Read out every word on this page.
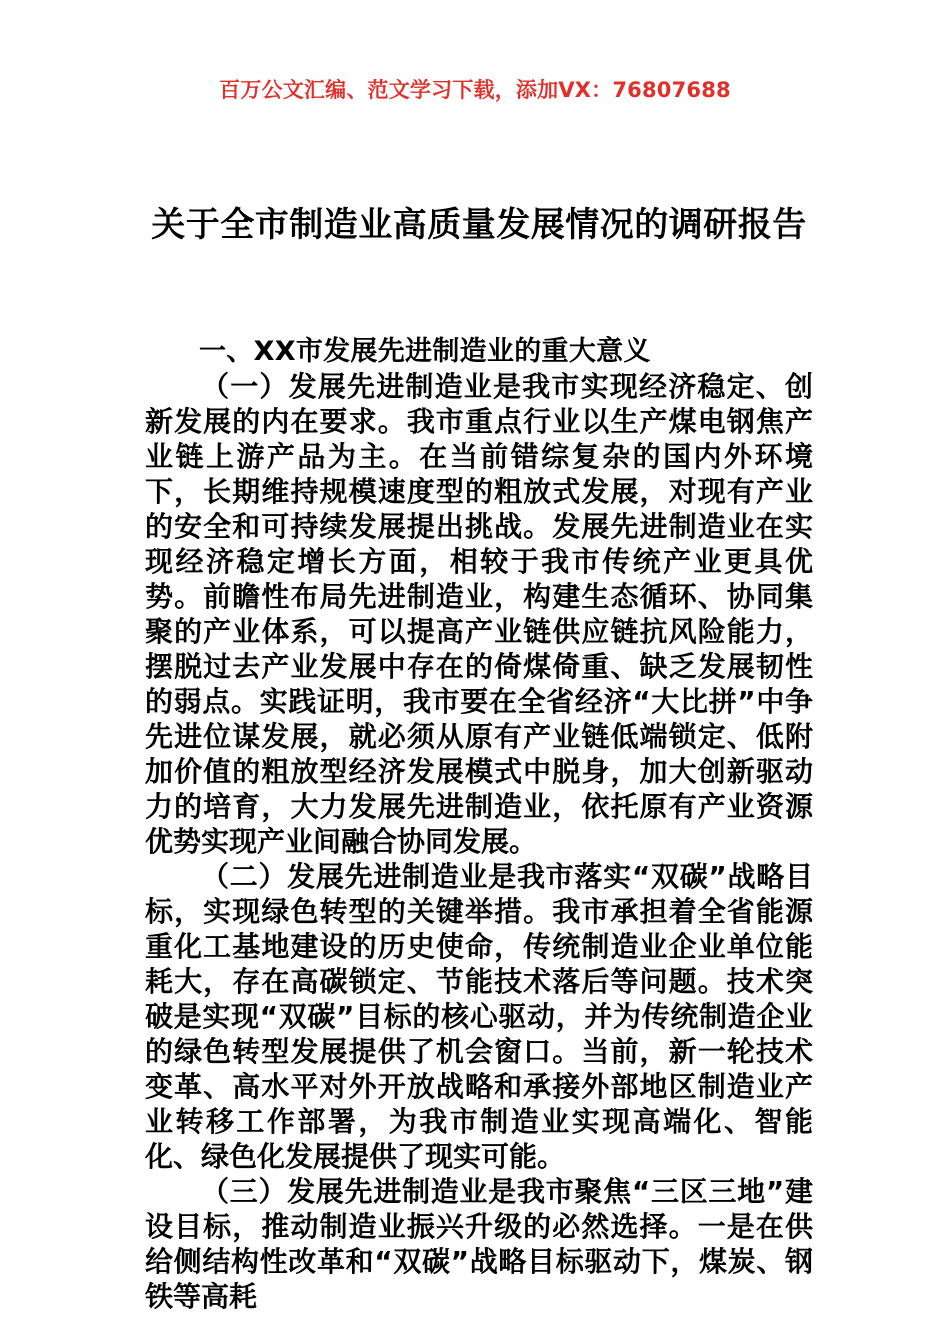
百万公文汇编、范文学习下载，添加VX：76807688
关于全市制造业高质量发展情况的调研报告

一、XX市发展先进制造业的重大意义

（一）发展先进制造业是我市实现经济稳定、创新发展的内在要求。我市重点行业以生产煤电钢焦产业链上游产品为主。在当前错综复杂的国内外环境下，长期维持规模速度型的粗放式发展，对现有产业的安全和可持续发展提出挑战。发展先进制造业在实现经济稳定增长方面，相较于我市传统产业更具优势。前瞻性布局先进制造业，构建生态循环、协同集聚的产业体系，可以提高产业链供应链抗风险能力，摆脱过去产业发展中存在的倚煤倚重、缺乏发展韧性的弱点。实践证明，我市要在全省经济“大比拼”中争先进位谋发展，就必须从原有产业链低端锁定、低附加价值的粗放型经济发展模式中脱身，加大创新驱动力的培育，大力发展先进制造业，依托原有产业资源优势实现产业间融合协同发展。

（二）发展先进制造业是我市落实“双碳”战略目标，实现绿色转型的关键举措。我市承担着全省能源重化工基地建设的历史使命，传统制造业企业单位能耗大，存在高碳锁定、节能技术落后等问题。技术突破是实现“双碳”目标的核心驱动，并为传统制造企业的绿色转型发展提供了机会窗口。当前，新一轮技术变革、高水平对外开放战略和承接外部地区制造业产业转移工作部署，为我市制造业实现高端化、智能化、绿色化发展提供了现实可能。

（三）发展先进制造业是我市聚焦“三区三地”建设目标，推动制造业振兴升级的必然选择。一是在供给侧结构性改革和“双碳”战略目标驱动下，煤炭、钢铁等高耗
